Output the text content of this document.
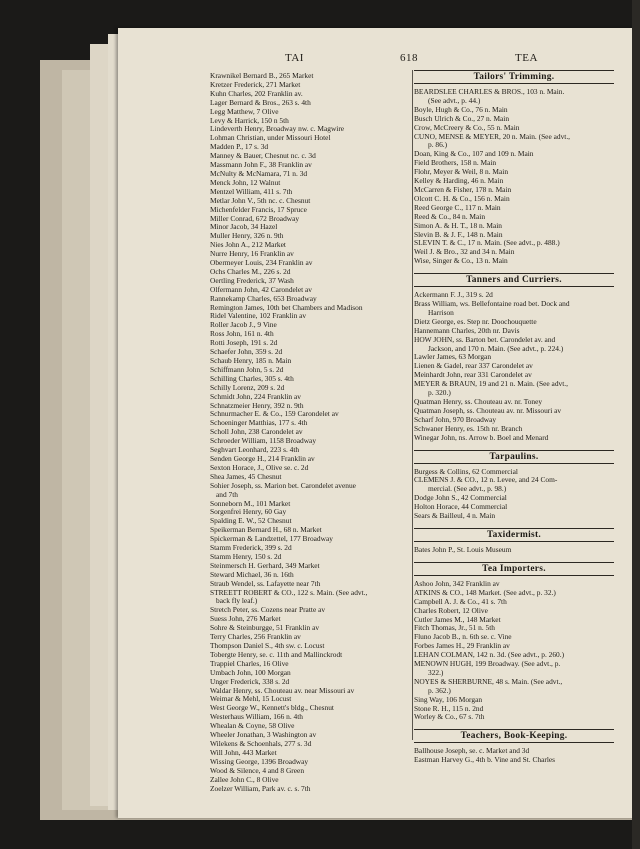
TAI	618	TEA
Krawnikel Bernard B., 265 Market
Kretzer Frederick, 271 Market
Kuhn Charles, 202 Franklin av.
Lager Bernard & Bros., 263 s. 4th
Legg Matthew, 7 Olive
Levy & Harrick, 150 n 5th
Lindeverth Henry, Broadway nw. c. Magwire
Lohman Christian, under Missouri Hotel
Madden P., 17 s. 3d
Manney & Bauer, Chesnut nc. c. 3d
Massmann John F., 38 Franklin av
McNulty & McNamara, 71 n. 3d
Menck John, 12 Walnut
Mentzel William, 411 s. 7th
Metlar John V., 5th nc. c. Chesnut
Michenfelder Francis, 17 Spruce
Miller Conrad, 672 Broadway
Minor Jacob, 34 Hazel
Muller Henry, 326 n. 9th
Nies John A., 212 Market
Nurre Henry, 16 Franklin av
Obermeyer Louis, 234 Franklin av
Ochs Charles M., 226 s. 2d
Oertling Frederick, 37 Wash
Olfermann John, 42 Carondelet av
Rannekamp Charles, 653 Broadway
Remington James, 10th bet Chambers and Madison
Ridel Valentine, 102 Franklin av
Roller Jacob J., 9 Vine
Ross John, 161 n. 4th
Rotti Joseph, 191 s. 2d
Schaefer John, 359 s. 2d
Schaub Henry, 185 n. Main
Schiffmann John, 5 s. 2d
Schilling Charles, 305 s. 4th
Schilly Lorenz, 209 s. 2d
Schmidt John, 224 Franklin av
Schnatzmeier Henry, 392 n. 9th
Schnurmacher E. & Co., 159 Carondelet av
Schoeninger Matthias, 177 s. 4th
Scholl John, 238 Carondelet av
Schroeder William, 1158 Broadway
Seghvart Leonhard, 223 s. 4th
Senden George H., 214 Franklin av
Sexton Horace, J., Olive se. c. 2d
Shea James, 45 Chesnut
Sohier Joseph, ss. Marion bet. Carondelet avenue
and 7th
Sonneborn M., 101 Market
Sorgenfrei Henry, 60 Gay
Spalding E. W., 52 Chesnut
Speikerman Bernard H., 68 n. Market
Spickerman & Landzettel, 177 Broadway
Stamm Frederick, 399 s. 2d
Stamm Henry, 150 s. 2d
Steinmersch H. Gerhard, 349 Market
Steward Michael, 36 n. 16th
Straub Wendel, ss. Lafayette near 7th
STREETT ROBERT & CO., 122 s. Main. (See advt.,
back fly leaf.)
Stretch Peter, ss. Cozens near Pratte av
Suess John, 276 Market
Sohre & Steinburgge, 51 Franklin av
Terry Charles, 256 Franklin av
Thompson Daniel S., 4th sw. c. Locust
Tobergte Henry, se. c. 11th and Mallinckrodt
Trappiel Charles, 16 Olive
Umbach John, 100 Morgan
Unger Frederick, 338 s. 2d
Waldar Henry, ss. Chouteau av. near Missouri av
Weimar & Mehl, 15 Locust
West George W., Kennett's bldg., Chesnut
Westerhaus William, 166 n. 4th
Whealan & Coyne, 58 Olive
Wheeler Jonathan, 3 Washington av
Wilekens & Schoenhals, 277 s. 3d
Will John, 443 Market
Wissing George, 1396 Broadway
Wood & Silence, 4 and 8 Green
Zallee John C., 8 Olive
Zoelzer William, Park av. c. s. 7th
Tailors' Trimming.
BEARDSLEE CHARLES & BROS., 103 n. Main.
(See advt., p. 44.)
Boyle, Hugh & Co., 76 n. Main
Busch Ulrich & Co., 27 n. Main
Crow, McCreery & Co., 55 n. Main
CUNO, MENSE & MEYER, 20 n. Main. (See advt.,
p. 86.)
Doan, King & Co., 107 and 109 n. Main
Field Brothers, 158 n. Main
Flohr, Meyer & Weil, 8 n. Main
Kelley & Harding, 46 n. Main
McCarren & Fisher, 178 n. Main
Olcott C. H. & Co., 156 n. Main
Reed George C., 117 n. Main
Reed & Co., 84 n. Main
Simon A. & H. T., 18 n. Main
Slevin B. & J. F., 148 n. Main
SLEVIN T. & C., 17 n. Main. (See advt., p. 488.)
Weil J. & Bro., 32 and 34 n. Main
Wise, Singer & Co., 13 n. Main
Tanners and Curriers.
Ackermann F. J., 319 s. 2d
Brass William, ws. Bellefontaine road bet. Dock and
Harrison
Dietz George, es. Step nr. Doochouquette
Hannemann Charles, 20th nr. Davis
HOW JOHN, ss. Barton bet. Carondelet av. and
Jackson, and 170 n. Main. (See advt., p. 224.)
Lawler James, 63 Morgan
Lienen & Gadel, rear 337 Carondelet av
Meinhardt John, rear 331 Carondelet av
MEYER & BRAUN, 19 and 21 n. Main. (See advt.,
p. 320.)
Quatman Henry, ss. Chouteau av. nr. Toney
Quatman Joseph, ss. Chouteau av. nr. Missouri av
Scharf John, 970 Broadway
Schwaner Henry, es. 15th nr. Branch
Winegar John, ns. Arrow b. Boel and Menard
Tarpaulins.
Burgess & Collins, 62 Commercial
CLEMENS J. & CO., 12 n. Levee, and 24 Com-
mercial. (See advt., p. 98.)
Dodge John S., 42 Commercial
Holton Horace, 44 Commercial
Sears & Bailleul, 4 n. Main
Taxidermist.
Bates John P., St. Louis Museum
Tea Importers.
Ashoo John, 342 Franklin av
ATKINS & CO., 148 Market. (See advt., p. 32.)
Campbell A. J. & Co., 41 s. 7th
Charles Robert, 12 Olive
Cutler James M., 148 Market
Fitch Thomas, Jr., 51 n. 5th
Fluno Jacob B., n. 6th se. c. Vine
Forbes James H., 29 Franklin av
LEHAN COLMAN, 142 n. 3d. (See advt., p. 260.)
MENOWN HUGH, 199 Broadway. (See advt., p.
322.)
NOYES & SHERBURNE, 48 s. Main. (See advt.,
p. 362.)
Sing Way, 106 Morgan
Stone R. H., 115 n. 2nd
Worley & Co., 67 s. 7th
Teachers, Book-Keeping.
Ballhouse Joseph, se. c. Market and 3d
Eastman Harvey G., 4th b. Vine and St. Charles
